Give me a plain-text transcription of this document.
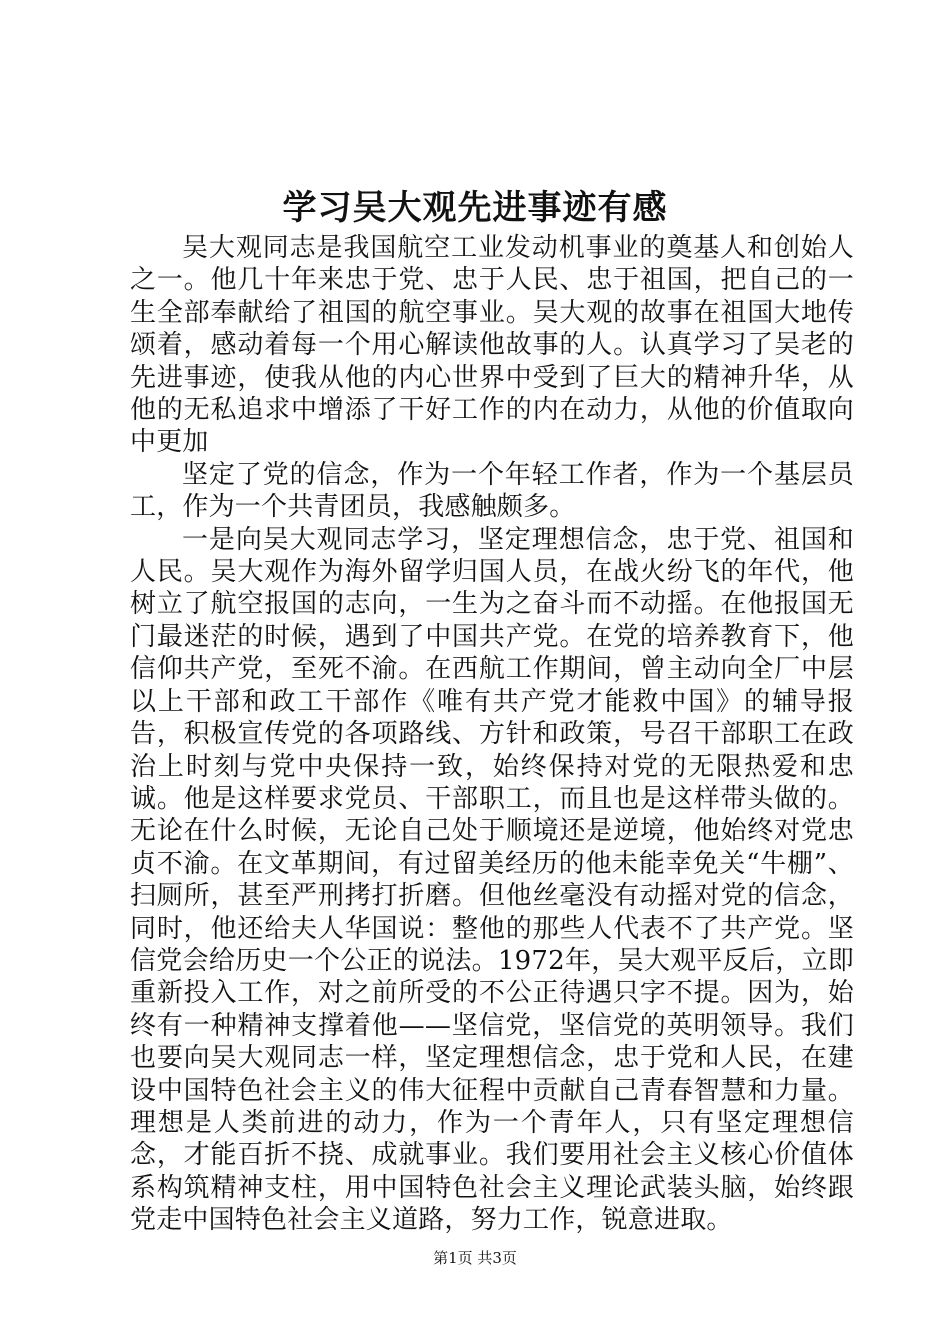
学习吴大观先进事迹有感

吴大观同志是我国航空工业发动机事业的奠基人和创始人之一。他几十年来忠于党、忠于人民、忠于祖国，把自己的一生全部奉献给了祖国的航空事业。吴大观的故事在祖国大地传颂着，感动着每一个用心解读他故事的人。认真学习了吴老的先进事迹，使我从他的内心世界中受到了巨大的精神升华，从他的无私追求中增添了干好工作的内在动力，从他的价值取向中更加

坚定了党的信念，作为一个年轻工作者，作为一个基层员工，作为一个共青团员，我感触颇多。

一是向吴大观同志学习，坚定理想信念，忠于党、祖国和人民。吴大观作为海外留学归国人员，在战火纷飞的年代，他树立了航空报国的志向，一生为之奋斗而不动摇。在他报国无门最迷茫的时候，遇到了中国共产党。在党的培养教育下，他信仰共产党，至死不渝。在西航工作期间，曾主动向全厂中层以上干部和政工干部作《唯有共产党才能救中国》的辅导报告，积极宣传党的各项路线、方针和政策，号召干部职工在政治上时刻与党中央保持一致，始终保持对党的无限热爱和忠诚。他是这样要求党员、干部职工，而且也是这样带头做的。无论在什么时候，无论自己处于顺境还是逆境，他始终对党忠贞不渝。在文革期间，有过留美经历的他未能幸免关“牛棚”、扫厕所，甚至严刑拷打折磨。但他丝毫没有动摇对党的信念，同时，他还给夫人华国说：整他的那些人代表不了共产党。坚信党会给历史一个公正的说法。1972年，吴大观平反后，立即重新投入工作，对之前所受的不公正待遇只字不提。因为，始终有一种精神支撑着他——坚信党，坚信党的英明领导。我们也要向吴大观同志一样，坚定理想信念，忠于党和人民，在建设中国特色社会主义的伟大征程中贡献自己青春智慧和力量。理想是人类前进的动力，作为一个青年人，只有坚定理想信念，才能百折不挠、成就事业。我们要用社会主义核心价值体系构筑精神支柱，用中国特色社会主义理论武装头脑，始终跟党走中国特色社会主义道路，努力工作，锐意进取。

第1页 共3页
